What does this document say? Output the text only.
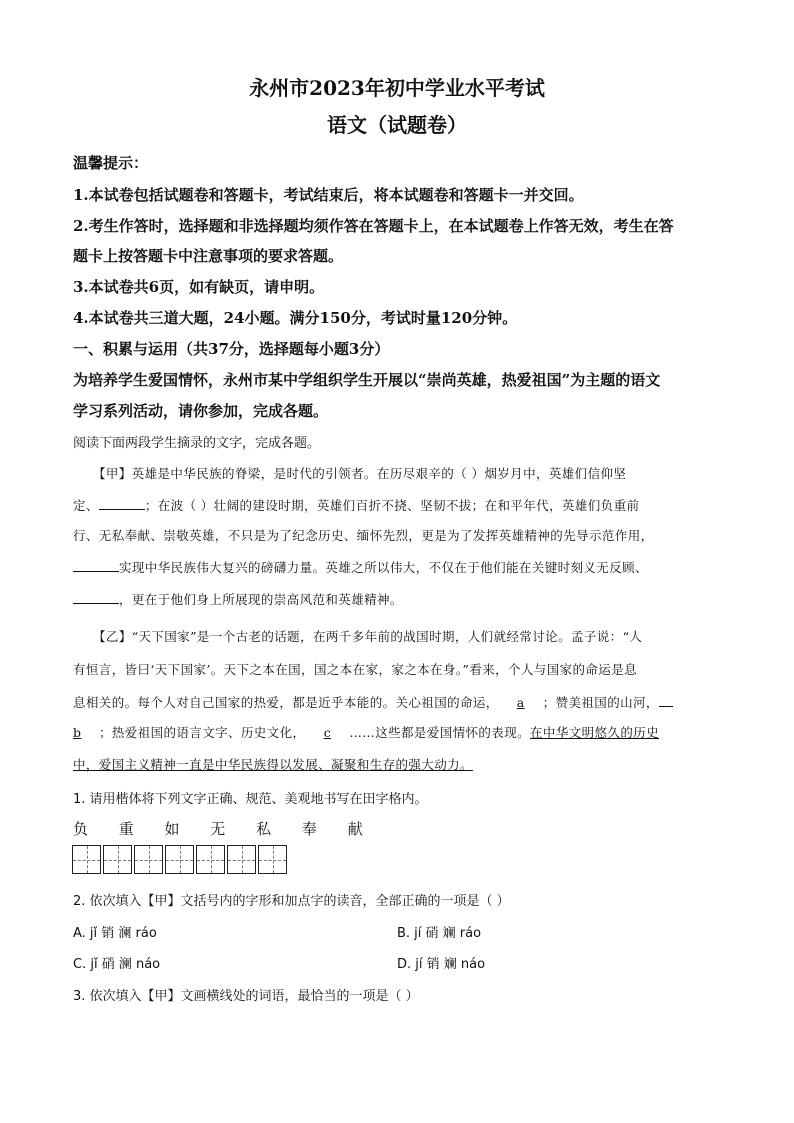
永州市2023年初中学业水平考试
语文（试题卷）
温馨提示：
1.本试卷包括试题卷和答题卡，考试结束后，将本试题卷和答题卡一并交回。
2.考生作答时，选择题和非选择题均须作答在答题卡上，在本试题卷上作答无效，考生在答
题卡上按答题卡中注意事项的要求答题。
3.本试卷共6页，如有缺页，请申明。
4.本试卷共三道大题，24小题。满分150分，考试时量120分钟。
一、积累与运用（共37分，选择题每小题3分）
为培养学生爱国情怀，永州市某中学组织学生开展以“崇尚英雄，热爱祖国”为主题的语文
学习系列活动，请你参加，完成各题。
阅读下面两段学生摘录的文字，完成各题。
【甲】英雄是中华民族的脊梁，是时代的引领者。在历尽艰辛的（ ）烟岁月中，英雄们信仰坚
定、	；在波（ ）壮阔的建设时期，英雄们百折不挠、坚韧不拔；在和平年代，英雄们负重前
行、无私奉献、崇敬英雄，不只是为了纪念历史、缅怀先烈，更是为了发挥英雄精神的先导示范作用，
实现中华民族伟大复兴的磅礴力量。英雄之所以伟大，不仅在于他们能在关键时刻义无反顾、
，更在于他们身上所展现的崇高风范和英雄精神。
【乙】“天下国家”是一个古老的话题，在两千多年前的战国时期，人们就经常讨论。孟子说：“人
有恒言，皆曰‘天下国家’。天下之本在国，国之本在家，家之本在身。”看来，个人与国家的命运是息
息相关的。每个人对自己国家的热爱，都是近乎本能的。关心祖国的命运， a ；赞美祖国的山河，
b ；热爱祖国的语言文字、历史文化， c ……这些都是爱国情怀的表现。在中华文明悠久的历史
中，爱国主义精神一直是中华民族得以发展、凝聚和生存的强大动力。
1. 请用楷体将下列文字正确、规范、美观地书写在田字格内。
负 重 如 无 私 奉 献
2. 依次填入【甲】文括号内的字形和加点字的读音，全部正确的一项是（ ）
A. jǐ 销 澜 ráo	B. jí 硝 斓 ráo
C. jǐ 硝 澜 náo	D. jí 销 斓 náo
3. 依次填入【甲】文画横线处的词语，最恰当的一项是（ ）
